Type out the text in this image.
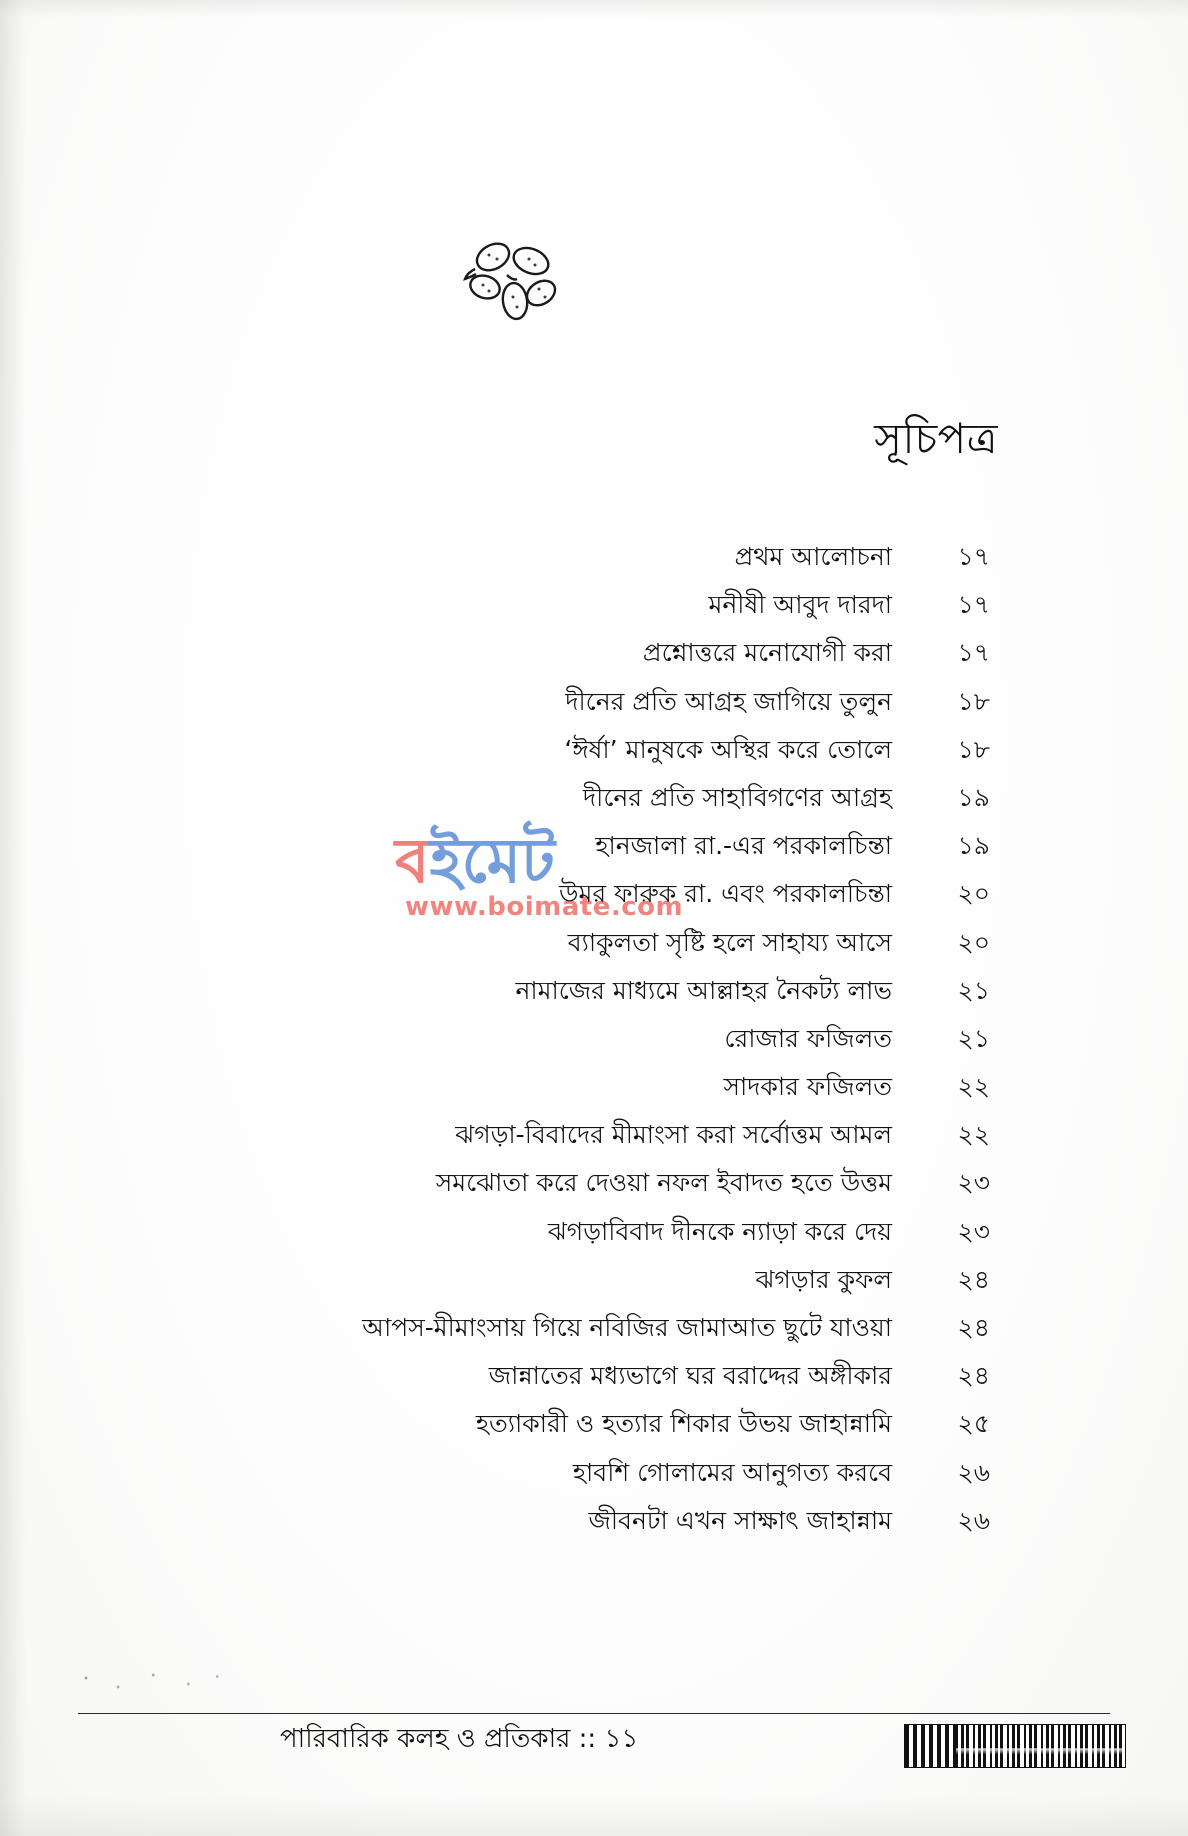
সূচিপত্র
প্রথম আলোচনা	১৭
মনীষী আবুদ দারদা	১৭
প্রশ্নোত্তরে মনোযোগী করা	১৭
দীনের প্রতি আগ্রহ জাগিয়ে তুলুন	১৮
‘ঈর্ষা’ মানুষকে অস্থির করে তোলে	১৮
দীনের প্রতি সাহাবিগণের আগ্রহ	১৯
হানজালা রা.-এর পরকালচিন্তা	১৯
উমর ফারুক রা. এবং পরকালচিন্তা	২০
ব্যাকুলতা সৃষ্টি হলে সাহায্য আসে	২০
নামাজের মাধ্যমে আল্লাহর নৈকট্য লাভ	২১
রোজার ফজিলত	২১
সাদকার ফজিলত	২২
ঝগড়া-বিবাদের মীমাংসা করা সর্বোত্তম আমল	২২
সমঝোতা করে দেওয়া নফল ইবাদত হতে উত্তম	২৩
ঝগড়াবিবাদ দীনকে ন্যাড়া করে দেয়	২৩
ঝগড়ার কুফল	২৪
আপস-মীমাংসায় গিয়ে নবিজির জামাআত ছুটে যাওয়া	২৪
জান্নাতের মধ্যভাগে ঘর বরাদ্দের অঙ্গীকার	২৪
হত্যাকারী ও হত্যার শিকার উভয় জাহান্নামি	২৫
হাবশি গোলামের আনুগত্য করবে	২৬
জীবনটা এখন সাক্ষাৎ জাহান্নাম	২৬
বইমেট
www.boimate.com
পারিবারিক কলহ ও প্রতিকার :: ১১
